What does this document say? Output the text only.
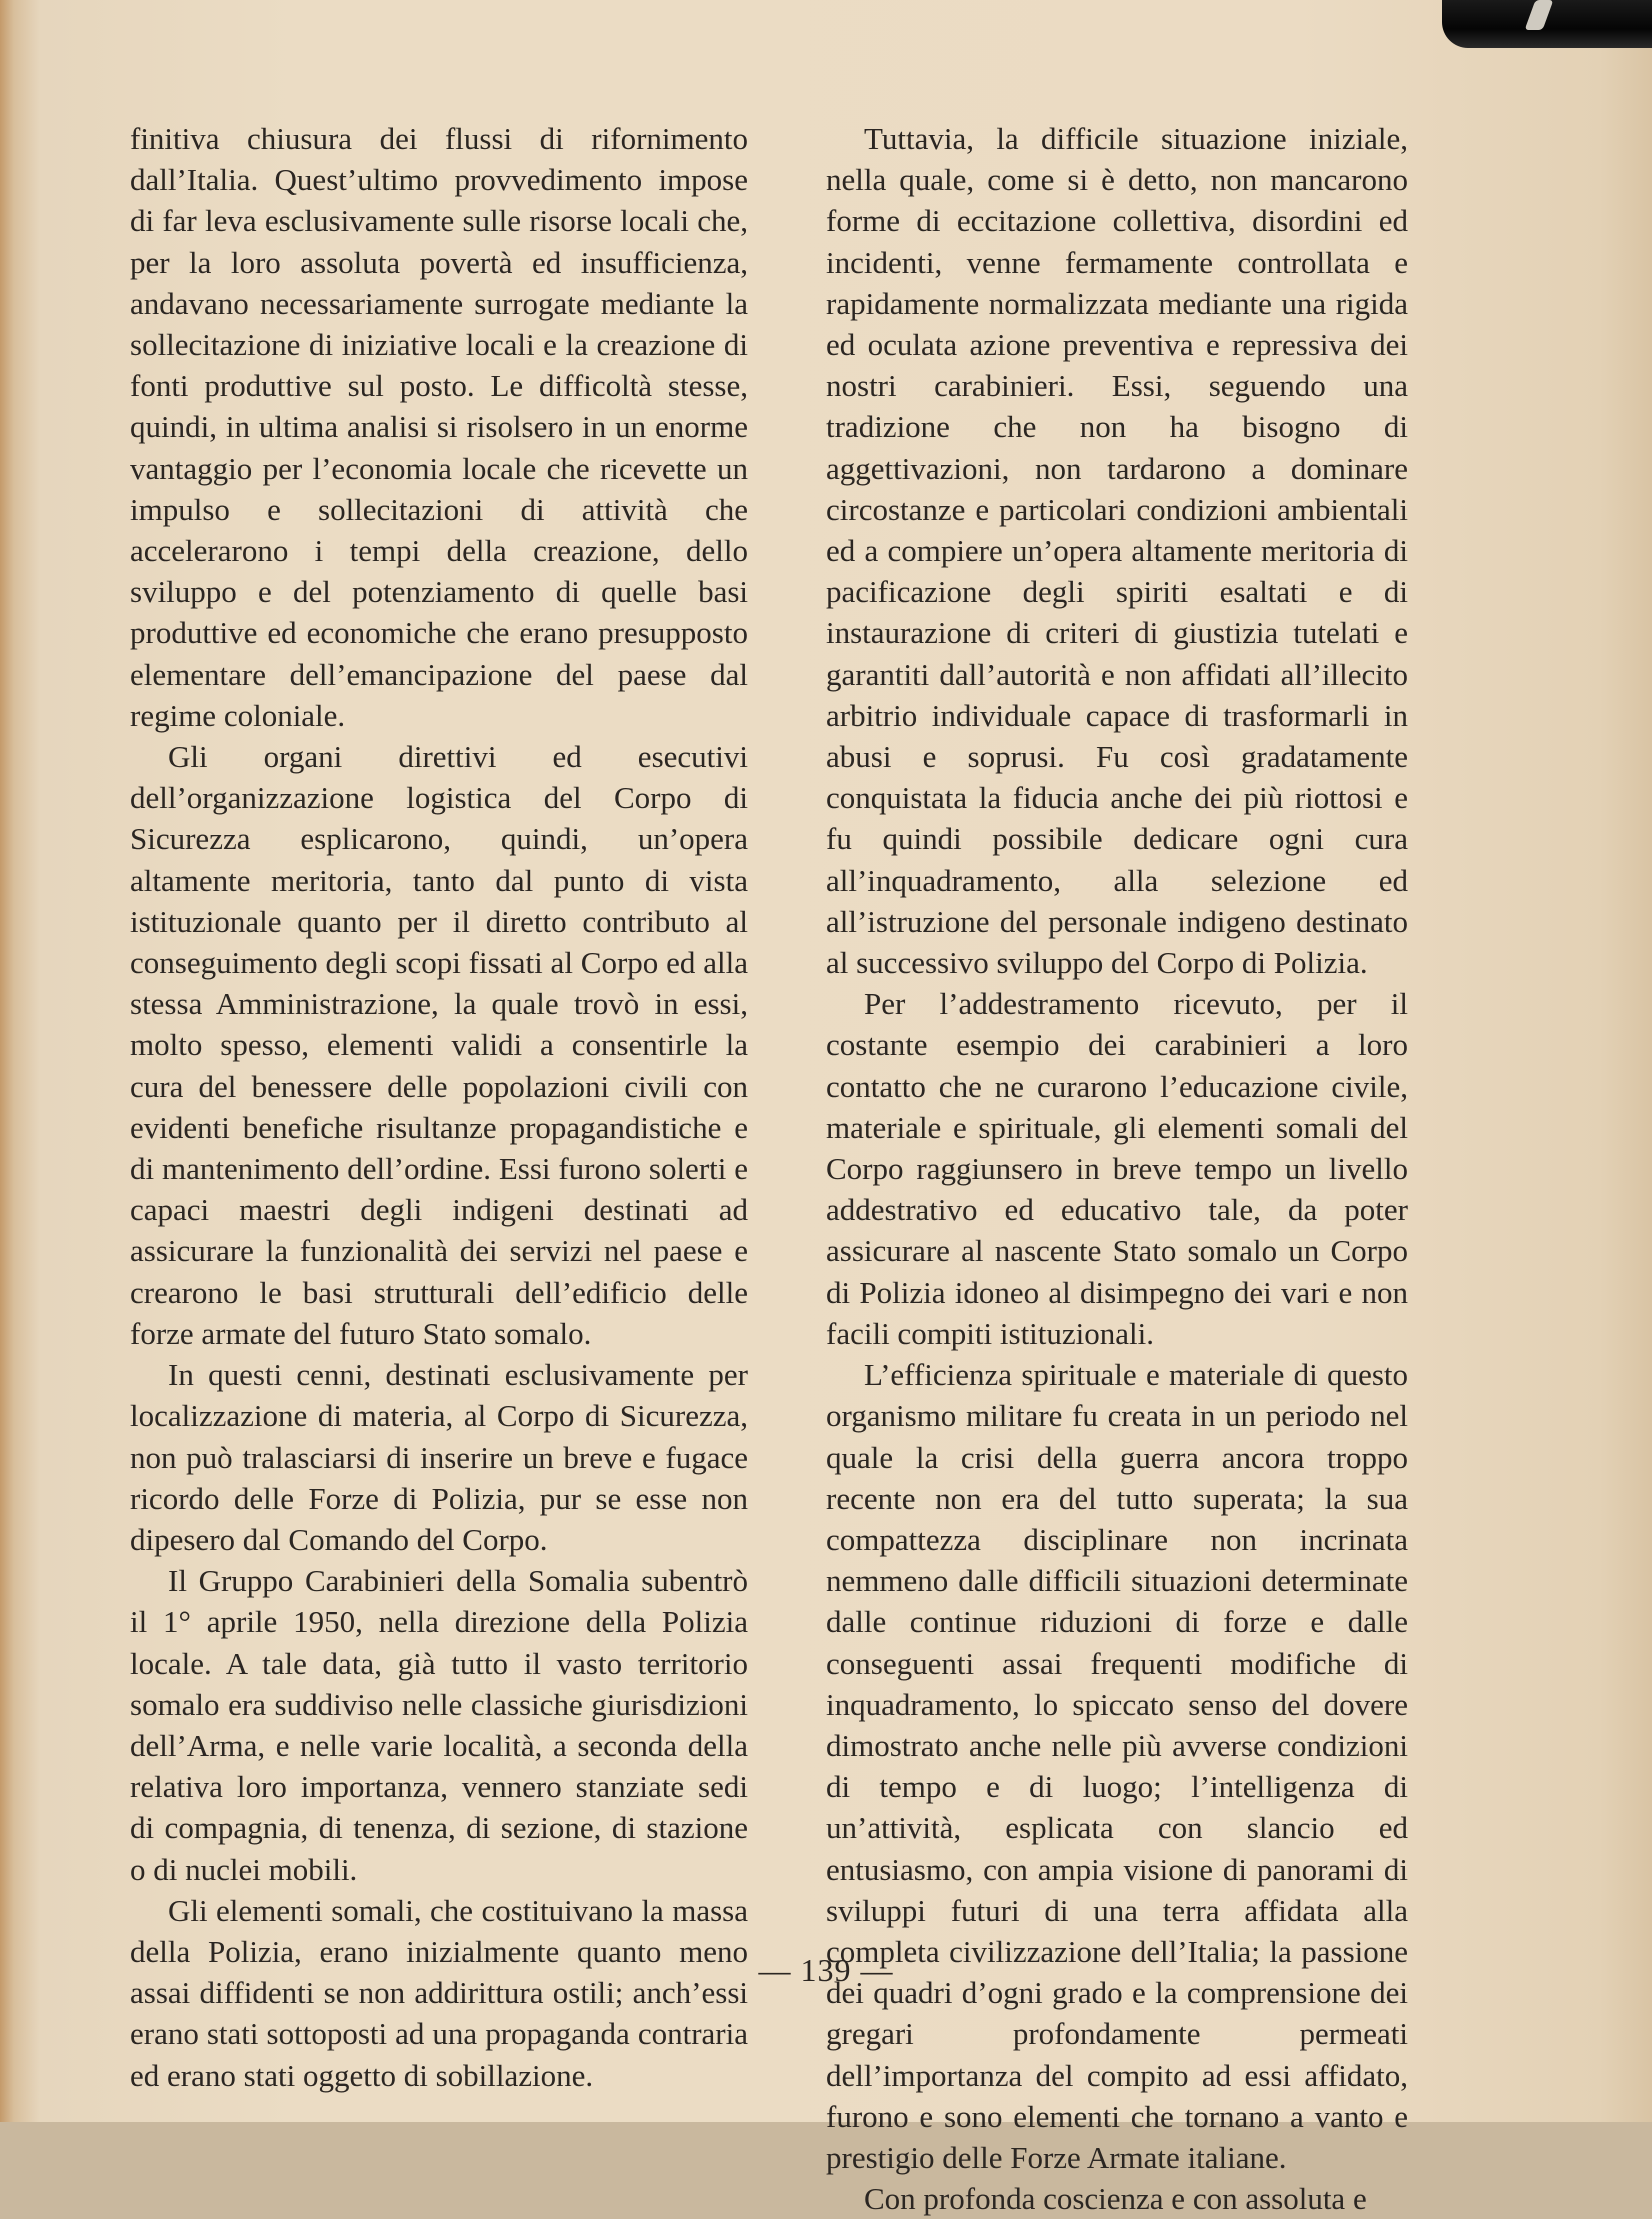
finitiva chiusura dei flussi di rifornimento dall’Italia. Quest’ultimo provvedimento impose di far leva esclusivamente sulle risorse locali che, per la loro assoluta povertà ed insufficienza, andavano necessariamente surrogate mediante la sollecitazione di iniziative locali e la creazione di fonti produttive sul posto. Le difficoltà stesse, quindi, in ultima analisi si risolsero in un enorme vantaggio per l’economia locale che ricevette un impulso e sollecitazioni di attività che accelerarono i tempi della creazione, dello sviluppo e del potenziamento di quelle basi produttive ed economiche che erano presupposto elementare dell’emancipazione del paese dal regime coloniale.

Gli organi direttivi ed esecutivi dell’organizzazione logistica del Corpo di Sicurezza esplicarono, quindi, un’opera altamente meritoria, tanto dal punto di vista istituzionale quanto per il diretto contributo al conseguimento degli scopi fissati al Corpo ed alla stessa Amministrazione, la quale trovò in essi, molto spesso, elementi validi a consentirle la cura del benessere delle popolazioni civili con evidenti benefiche risultanze propagandistiche e di mantenimento dell’ordine. Essi furono solerti e capaci maestri degli indigeni destinati ad assicurare la funzionalità dei servizi nel paese e crearono le basi strutturali dell’edificio delle forze armate del futuro Stato somalo.

In questi cenni, destinati esclusivamente per localizzazione di materia, al Corpo di Sicurezza, non può tralasciarsi di inserire un breve e fugace ricordo delle Forze di Polizia, pur se esse non dipesero dal Comando del Corpo.

Il Gruppo Carabinieri della Somalia subentrò il 1° aprile 1950, nella direzione della Polizia locale. A tale data, già tutto il vasto territorio somalo era suddiviso nelle classiche giurisdizioni dell’Arma, e nelle varie località, a seconda della relativa loro importanza, vennero stanziate sedi di compagnia, di tenenza, di sezione, di stazione o di nuclei mobili.

Gli elementi somali, che costituivano la massa della Polizia, erano inizialmente quanto meno assai diffidenti se non addirittura ostili; anch’essi erano stati sottoposti ad una propaganda contraria ed erano stati oggetto di sobillazione.

Tuttavia, la difficile situazione iniziale, nella quale, come si è detto, non mancarono forme di eccitazione collettiva, disordini ed incidenti, venne fermamente controllata e rapidamente normalizzata mediante una rigida ed oculata azione preventiva e repressiva dei nostri carabinieri. Essi, seguendo una tradizione che non ha bisogno di aggettivazioni, non tardarono a dominare circostanze e particolari condizioni ambientali ed a compiere un’opera altamente meritoria di pacificazione degli spiriti esaltati e di instaurazione di criteri di giustizia tutelati e garantiti dall’autorità e non affidati all’illecito arbitrio individuale capace di trasformarli in abusi e soprusi. Fu così gradatamente conquistata la fiducia anche dei più riottosi e fu quindi possibile dedicare ogni cura all’inquadramento, alla selezione ed all’istruzione del personale indigeno destinato al successivo sviluppo del Corpo di Polizia.

Per l’addestramento ricevuto, per il costante esempio dei carabinieri a loro contatto che ne curarono l’educazione civile, materiale e spirituale, gli elementi somali del Corpo raggiunsero in breve tempo un livello addestrativo ed educativo tale, da poter assicurare al nascente Stato somalo un Corpo di Polizia idoneo al disimpegno dei vari e non facili compiti istituzionali.

L’efficienza spirituale e materiale di questo organismo militare fu creata in un periodo nel quale la crisi della guerra ancora troppo recente non era del tutto superata; la sua compattezza disciplinare non incrinata nemmeno dalle difficili situazioni determinate dalle continue riduzioni di forze e dalle conseguenti assai frequenti modifiche di inquadramento, lo spiccato senso del dovere dimostrato anche nelle più avverse condizioni di tempo e di luogo; l’intelligenza di un’attività, esplicata con slancio ed entusiasmo, con ampia visione di panorami di sviluppi futuri di una terra affidata alla completa civilizzazione dell’Italia; la passione dei quadri d’ogni grado e la comprensione dei gregari profondamente permeati dell’importanza del compito ad essi affidato, furono e sono elementi che tornano a vanto e prestigio delle Forze Armate italiane.

Con profonda coscienza e con assoluta e

— 139 —
